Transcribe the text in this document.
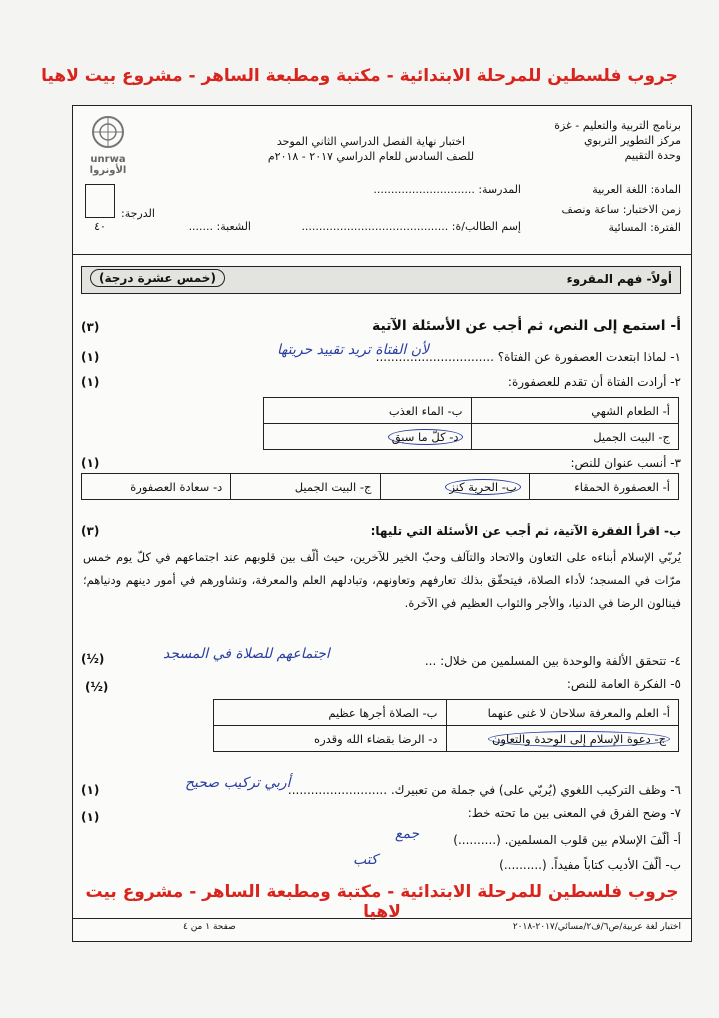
جروب فلسطين للمرحلة الابتدائية - مكتبة ومطبعة الساهر - مشروع بيت لاهيا
برنامج التربية والتعليم - غزة
مركز التطوير التربوي
وحدة التقييم
اختبار نهاية الفصل الدراسي الثاني الموحد
للصف السادس للعام الدراسي ٢٠١٧ - ٢٠١٨م
unrwa الأونروا
المادة: اللغة العربية
المدرسة: .............................
زمن الاختبار: ساعة ونصف
إسم الطالب/ة: ..........................................	الفترة: المسائية
الشعبة: .......
الدرجة:
٤٠
أولاً- فهم المقروء
(خمس عشرة درجة)
أ- استمع إلى النص، ثم أجب عن الأسئلة الآتية
(٣)
١- لماذا ابتعدت العصفورة عن الفتاة؟ ...............................
لأن الفتاة تريد تقييد حريتها
(١)
٢- أرادت الفتاة أن تقدم للعصفورة:
(١)
أ- الطعام الشهي	ب- الماء العذب
ج- البيت الجميل	د- كلّ ما سبق
٣- أنسب عنوان للنص:
(١)
أ- العصفورة الحمقاء	ب- الحرية كنز	ج- البيت الجميل	د- سعادة العصفورة
ب- اقرأ الفقرة الآتية، ثم أجب عن الأسئلة التي تليها:
(٣)
يُربّي الإسلام أبناءه على التعاون والاتحاد والتآلف وحبّ الخير للآخرين، حيث ألّف بين قلوبهم عند اجتماعهم في كلّ يوم خمس مرّات في المسجد؛ لأداء الصلاة، فيتحقّق بذلك تعارفهم وتعاونهم، وتبادلهم العلم والمعرفة، وتشاورهم في أمور دينهم ودنياهم؛ فينالون الرضا في الدنيا، والأجر والثواب العظيم في الآخرة.
٤- تتحقق الألفة والوحدة بين المسلمين من خلال: ...
اجتماعهم للصلاة في المسجد
(½)
٥- الفكرة العامة للنص:
(½)
أ- العلم والمعرفة سلاحان لا غنى عنهما	ب- الصلاة أجرها عظيم
ج- دعوة الإسلام إلى الوحدة والتعاون	د- الرضا بقضاء الله وقدره
٦- وظف التركيب اللغوي (يُربّي على) في جملة من تعبيرك. ..........................
أربي تركيب صحيح
(١)
٧- وضح الفرق في المعنى بين ما تحته خط:
(١)
أ- ألّفَ الإسلام بين قلوب المسلمين. (..........)
جمع
ب- ألّفَ الأديب كتاباً مفيداً. (..........)
كتب
جروب فلسطين للمرحلة الابتدائية - مكتبة ومطبعة الساهر - مشروع بيت لاهيا
صفحة ١ من ٤	اختبار لغة عربية/ص٦/ف٢/مسائي/٢٠١٧-٢٠١٨
